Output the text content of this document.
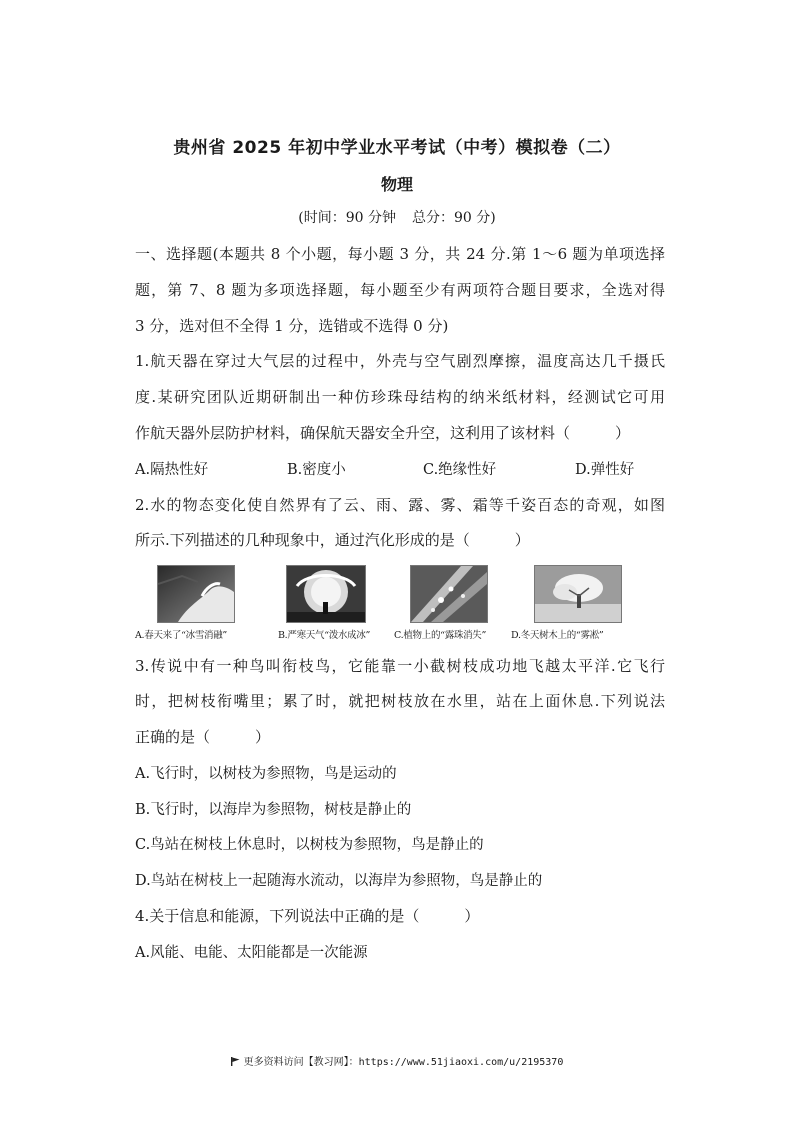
贵州省 2025 年初中学业水平考试（中考）模拟卷（二）
物理
(时间：90 分钟 总分：90 分)
一、选择题(本题共 8 个小题，每小题 3 分，共 24 分.第 1～6 题为单项选择
题，第 7、8 题为多项选择题，每小题至少有两项符合题目要求，全选对得
3 分，选对但不全得 1 分，选错或不选得 0 分)
1.航天器在穿过大气层的过程中，外壳与空气剧烈摩擦，温度高达几千摄氏
度.某研究团队近期研制出一种仿珍珠母结构的纳米纸材料，经测试它可用
作航天器外层防护材料，确保航天器安全升空，这利用了该材料（　　　）
A.隔热性好	B.密度小	C.绝缘性好	D.弹性好
2.水的物态变化使自然界有了云、雨、露、雾、霜等千姿百态的奇观，如图
所示.下列描述的几种现象中，通过汽化形成的是（　　　）
A.春天来了“冰雪消融”	B.严寒天气“泼水成冰”	C.植物上的“露珠消失”	D.冬天树木上的“雾凇”
3.传说中有一种鸟叫衔枝鸟，它能靠一小截树枝成功地飞越太平洋.它飞行
时，把树枝衔嘴里；累了时，就把树枝放在水里，站在上面休息.下列说法
正确的是（　　　）
A.飞行时，以树枝为参照物，鸟是运动的
B.飞行时，以海岸为参照物，树枝是静止的
C.鸟站在树枝上休息时，以树枝为参照物，鸟是静止的
D.鸟站在树枝上一起随海水流动，以海岸为参照物，鸟是静止的
4.关于信息和能源，下列说法中正确的是（　　　）
A.风能、电能、太阳能都是一次能源
更多资料访问【教习网】：https://www.51jiaoxi.com/u/2195370
